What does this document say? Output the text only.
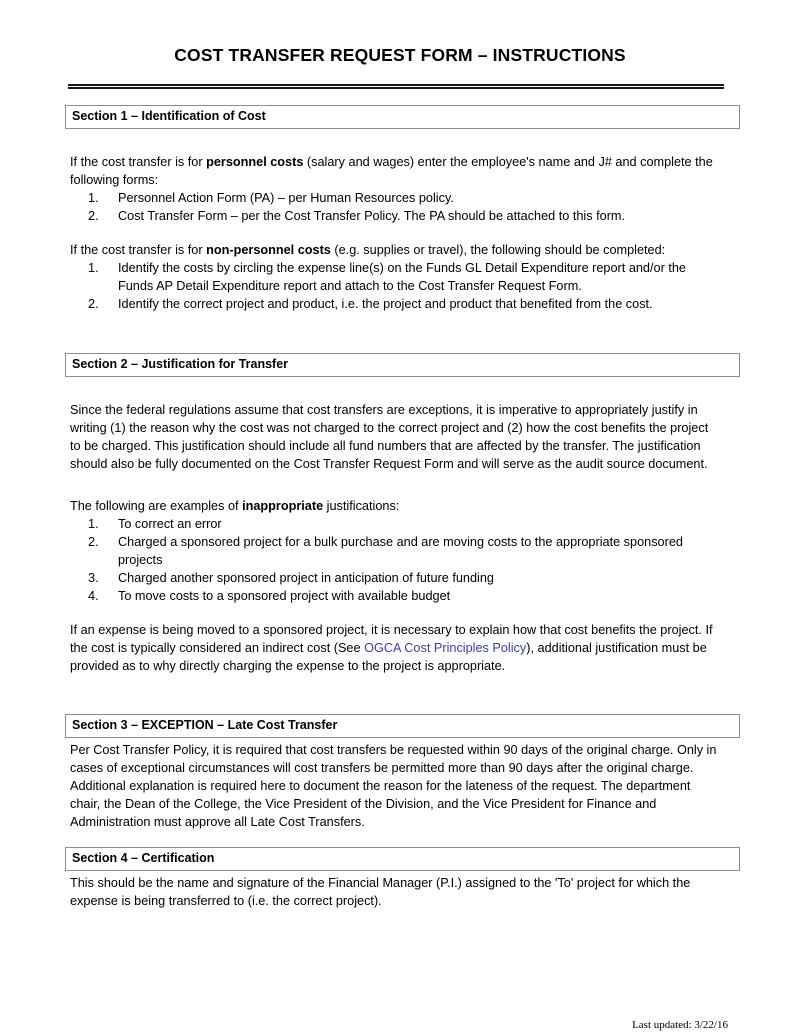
COST TRANSFER REQUEST FORM – INSTRUCTIONS
Section 1 – Identification of Cost

If the cost transfer is for personnel costs (salary and wages) enter the employee's name and J# and complete the following forms:

Personnel Action Form (PA) – per Human Resources policy.
Cost Transfer Form – per the Cost Transfer Policy. The PA should be attached to this form.

If the cost transfer is for non-personnel costs (e.g. supplies or travel), the following should be completed:

Identify the costs by circling the expense line(s) on the Funds GL Detail Expenditure report and/or the Funds AP Detail Expenditure report and attach to the Cost Transfer Request Form.
Identify the correct project and product, i.e. the project and product that benefited from the cost.
Section 2 – Justification for Transfer

Since the federal regulations assume that cost transfers are exceptions, it is imperative to appropriately justify in writing (1) the reason why the cost was not charged to the correct project and (2) how the cost benefits the project to be charged. This justification should include all fund numbers that are affected by the transfer. The justification should also be fully documented on the Cost Transfer Request Form and will serve as the audit source document.

The following are examples of inappropriate justifications:

To correct an error
Charged a sponsored project for a bulk purchase and are moving costs to the appropriate sponsored projects
Charged another sponsored project in anticipation of future funding
To move costs to a sponsored project with available budget

If an expense is being moved to a sponsored project, it is necessary to explain how that cost benefits the project. If the cost is typically considered an indirect cost (See OGCA Cost Principles Policy), additional justification must be provided as to why directly charging the expense to the project is appropriate.

Section 3 – EXCEPTION – Late Cost Transfer

Per Cost Transfer Policy, it is required that cost transfers be requested within 90 days of the original charge. Only in cases of exceptional circumstances will cost transfers be permitted more than 90 days after the original charge. Additional explanation is required here to document the reason for the lateness of the request. The department chair, the Dean of the College, the Vice President of the Division, and the Vice President for Finance and Administration must approve all Late Cost Transfers.

Section 4 – Certification

This should be the name and signature of the Financial Manager (P.I.) assigned to the 'To' project for which the expense is being transferred to (i.e. the correct project).

Last updated: 3/22/16
